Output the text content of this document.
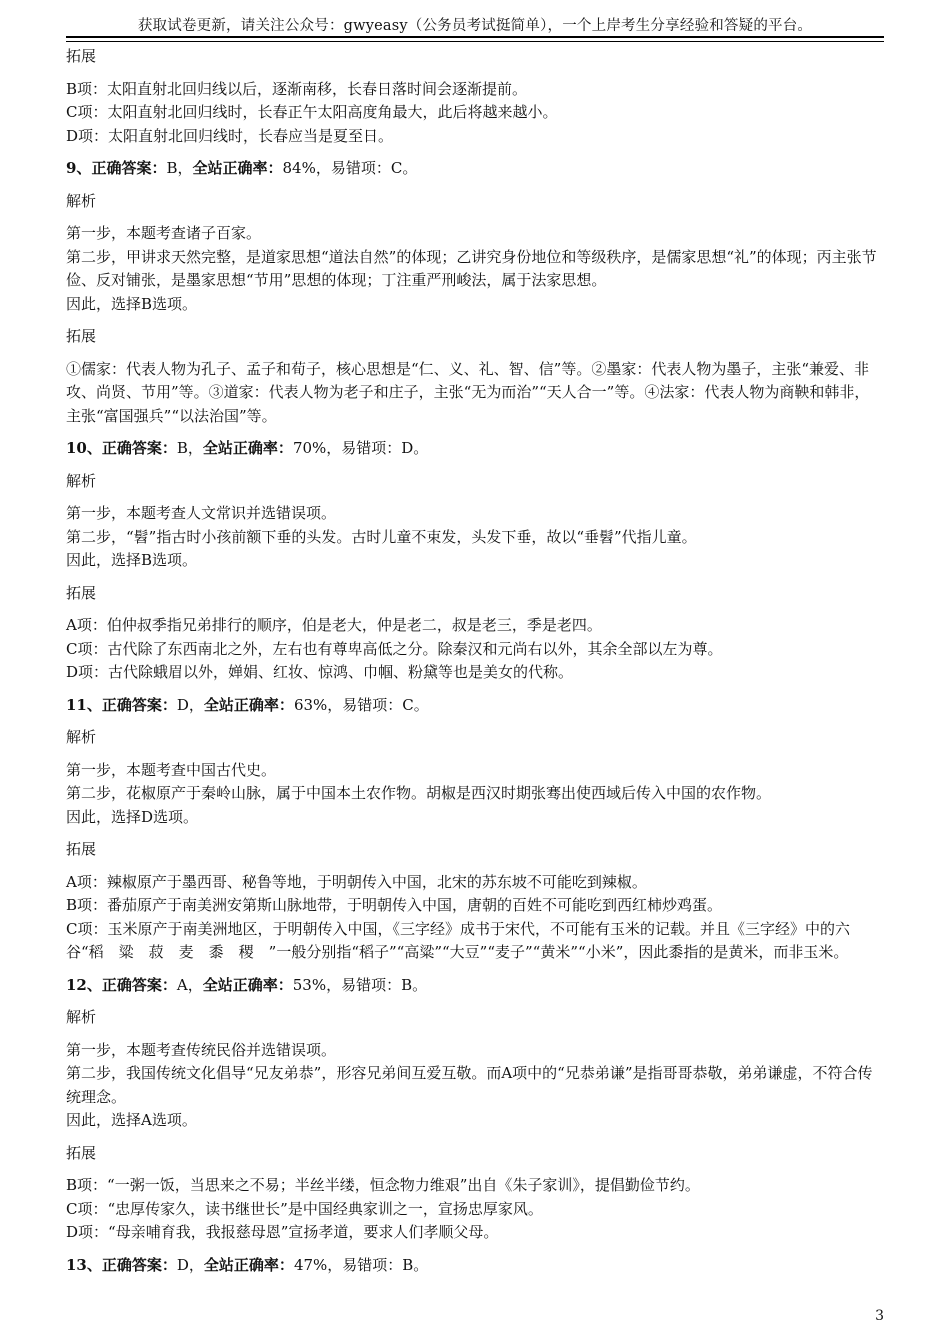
获取试卷更新，请关注公众号：gwyeasy（公务员考试挺简单），一个上岸考生分享经验和答疑的平台。
拓展

B项：太阳直射北回归线以后，逐渐南移，长春日落时间会逐渐提前。

C项：太阳直射北回归线时，长春正午太阳高度角最大，此后将越来越小。

D项：太阳直射北回归线时，长春应当是夏至日。

9、正确答案：B，全站正确率：84%，易错项：C。
解析

第一步，本题考查诸子百家。

第二步，甲讲求天然完整，是道家思想“道法自然”的体现；乙讲究身份地位和等级秩序，是儒家思想“礼”的体现；丙主张节俭、反对铺张，是墨家思想“节用”思想的体现；丁注重严刑峻法，属于法家思想。

因此，选择B选项。

拓展

①儒家：代表人物为孔子、孟子和荀子，核心思想是“仁、义、礼、智、信”等。②墨家：代表人物为墨子，主张“兼爱、非攻、尚贤、节用”等。③道家：代表人物为老子和庄子，主张“无为而治”“天人合一”等。④法家：代表人物为商鞅和韩非，主张“富国强兵”“以法治国”等。

10、正确答案：B，全站正确率：70%，易错项：D。
解析

第一步，本题考查人文常识并选错误项。

第二步，“髫”指古时小孩前额下垂的头发。古时儿童不束发，头发下垂，故以“垂髫”代指儿童。

因此，选择B选项。

拓展

A项：伯仲叔季指兄弟排行的顺序，伯是老大，仲是老二，叔是老三，季是老四。

C项：古代除了东西南北之外，左右也有尊卑高低之分。除秦汉和元尚右以外，其余全部以左为尊。

D项：古代除蛾眉以外，婵娟、红妆、惊鸿、巾帼、粉黛等也是美女的代称。

11、正确答案：D，全站正确率：63%，易错项：C。
解析

第一步，本题考查中国古代史。

第二步，花椒原产于秦岭山脉，属于中国本土农作物。胡椒是西汉时期张骞出使西域后传入中国的农作物。

因此，选择D选项。

拓展

A项：辣椒原产于墨西哥、秘鲁等地，于明朝传入中国，北宋的苏东坡不可能吃到辣椒。

B项：番茄原产于南美洲安第斯山脉地带，于明朝传入中国，唐朝的百姓不可能吃到西红柿炒鸡蛋。

C项：玉米原产于南美洲地区，于明朝传入中国，《三字经》成书于宋代，不可能有玉米的记载。并且《三字经》中的六谷“稻　粱　菽　麦　黍　稷　”一般分别指“稻子”“高粱”“大豆”“麦子”“黄米”“小米”，因此黍指的是黄米，而非玉米。

12、正确答案：A，全站正确率：53%，易错项：B。
解析

第一步，本题考查传统民俗并选错误项。

第二步，我国传统文化倡导“兄友弟恭”，形容兄弟间互爱互敬。而A项中的“兄恭弟谦”是指哥哥恭敬，弟弟谦虚，不符合传统理念。

因此，选择A选项。

拓展

B项：“一粥一饭，当思来之不易；半丝半缕，恒念物力维艰”出自《朱子家训》，提倡勤俭节约。

C项：“忠厚传家久，读书继世长”是中国经典家训之一，宣扬忠厚家风。

D项：“母亲哺育我，我报慈母恩”宣扬孝道，要求人们孝顺父母。

13、正确答案：D，全站正确率：47%，易错项：B。
3
